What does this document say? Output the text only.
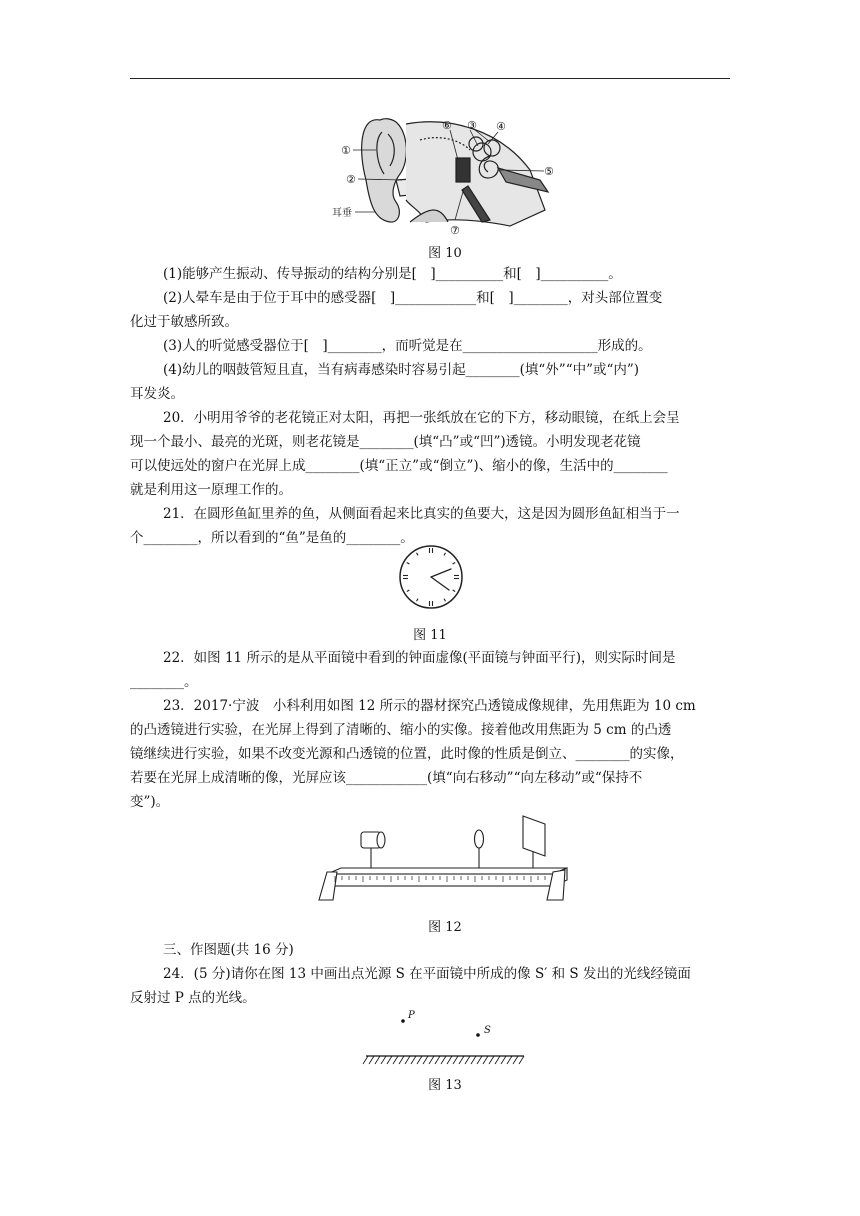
①
②
③ ④
⑤
⑥
⑦
耳垂
图 10
(1)能够产生振动、传导振动的结构分别是[　]__________和[　]__________。
(2)人晕车是由于位于耳中的感受器[　]____________和[　]________，对头部位置变
化过于敏感所致。
(3)人的听觉感受器位于[　]________，而听觉是在____________________形成的。
(4)幼儿的咽鼓管短且直，当有病毒感染时容易引起________(填“外”“中”或“内”)
耳发炎。
20．小明用爷爷的老花镜正对太阳，再把一张纸放在它的下方，移动眼镜，在纸上会呈
现一个最小、最亮的光斑，则老花镜是________(填“凸”或“凹”)透镜。小明发现老花镜
可以使远处的窗户在光屏上成________(填“正立”或“倒立”)、缩小的像，生活中的________
就是利用这一原理工作的。
21．在圆形鱼缸里养的鱼，从侧面看起来比真实的鱼要大，这是因为圆形鱼缸相当于一
个________，所以看到的“鱼”是鱼的________。
图 11
22．如图 11 所示的是从平面镜中看到的钟面虚像(平面镜与钟面平行)，则实际时间是
________。
23．2017·宁波　小科利用如图 12 所示的器材探究凸透镜成像规律，先用焦距为 10 cm
的凸透镜进行实验，在光屏上得到了清晰的、缩小的实像。接着他改用焦距为 5 cm 的凸透
镜继续进行实验，如果不改变光源和凸透镜的位置，此时像的性质是倒立、________的实像，
若要在光屏上成清晰的像，光屏应该____________(填“向右移动”“向左移动”或“保持不
变”)。
图 12
三、作图题(共 16 分)
24．(5 分)请你在图 13 中画出点光源 S 在平面镜中所成的像 S′ 和 S 发出的光线经镜面
反射过 P 点的光线。
P
S
图 13
